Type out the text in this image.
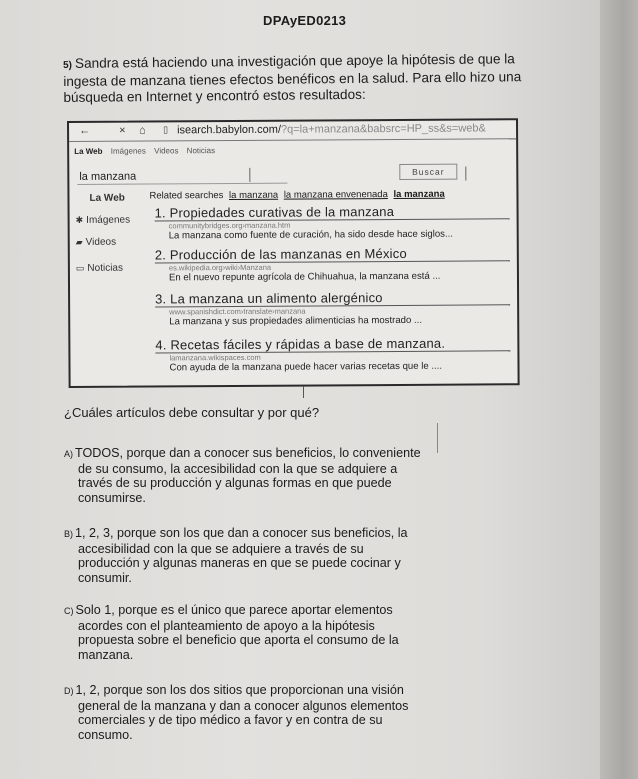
DPAyED0213
5) Sandra está haciendo una investigación que apoye la hipótesis de que la
ingesta de manzana tienes efectos benéficos en la salud. Para ello hizo una
búsqueda en Internet y encontró estos resultados:
←	× ⌂ ▯ isearch.babylon.com/?q=la+manzana&babsrc=HP_ss&s=web&
La Web Imágenes Videos Noticias
la manzana	Buscar
La Web
✱ Imágenes
▰ Videos
▭ Noticias
Related searches la manzana la manzana envenenada la manzana
1. Propiedades curativas de la manzana
communitybridges.org›manzana.htm
La manzana como fuente de curación, ha sido desde hace siglos...
2. Producción de las manzanas en México
es.wikipedia.org›wiki›Manzana
En el nuevo repunte agrícola de Chihuahua, la manzana está ...
3. La manzana un alimento alergénico
www.spanishdict.com›translate›manzana
La manzana y sus propiedades alimenticias ha mostrado ...
4. Recetas fáciles y rápidas a base de manzana.
lamanzana.wikispaces.com
Con ayuda de la manzana puede hacer varias recetas que le ....
¿Cuáles artículos debe consultar y por qué?
A) TODOS, porque dan a conocer sus beneficios, lo conveniente
de su consumo, la accesibilidad con la que se adquiere a
través de su producción y algunas formas en que puede
consumirse.
B) 1, 2, 3, porque son los que dan a conocer sus beneficios, la
accesibilidad con la que se adquiere a través de su
producción y algunas maneras en que se puede cocinar y
consumir.
C) Solo 1, porque es el único que parece aportar elementos
acordes con el planteamiento de apoyo a la hipótesis
propuesta sobre el beneficio que aporta el consumo de la
manzana.
D) 1, 2, porque son los dos sitios que proporcionan una visión
general de la manzana y dan a conocer algunos elementos
comerciales y de tipo médico a favor y en contra de su
consumo.
